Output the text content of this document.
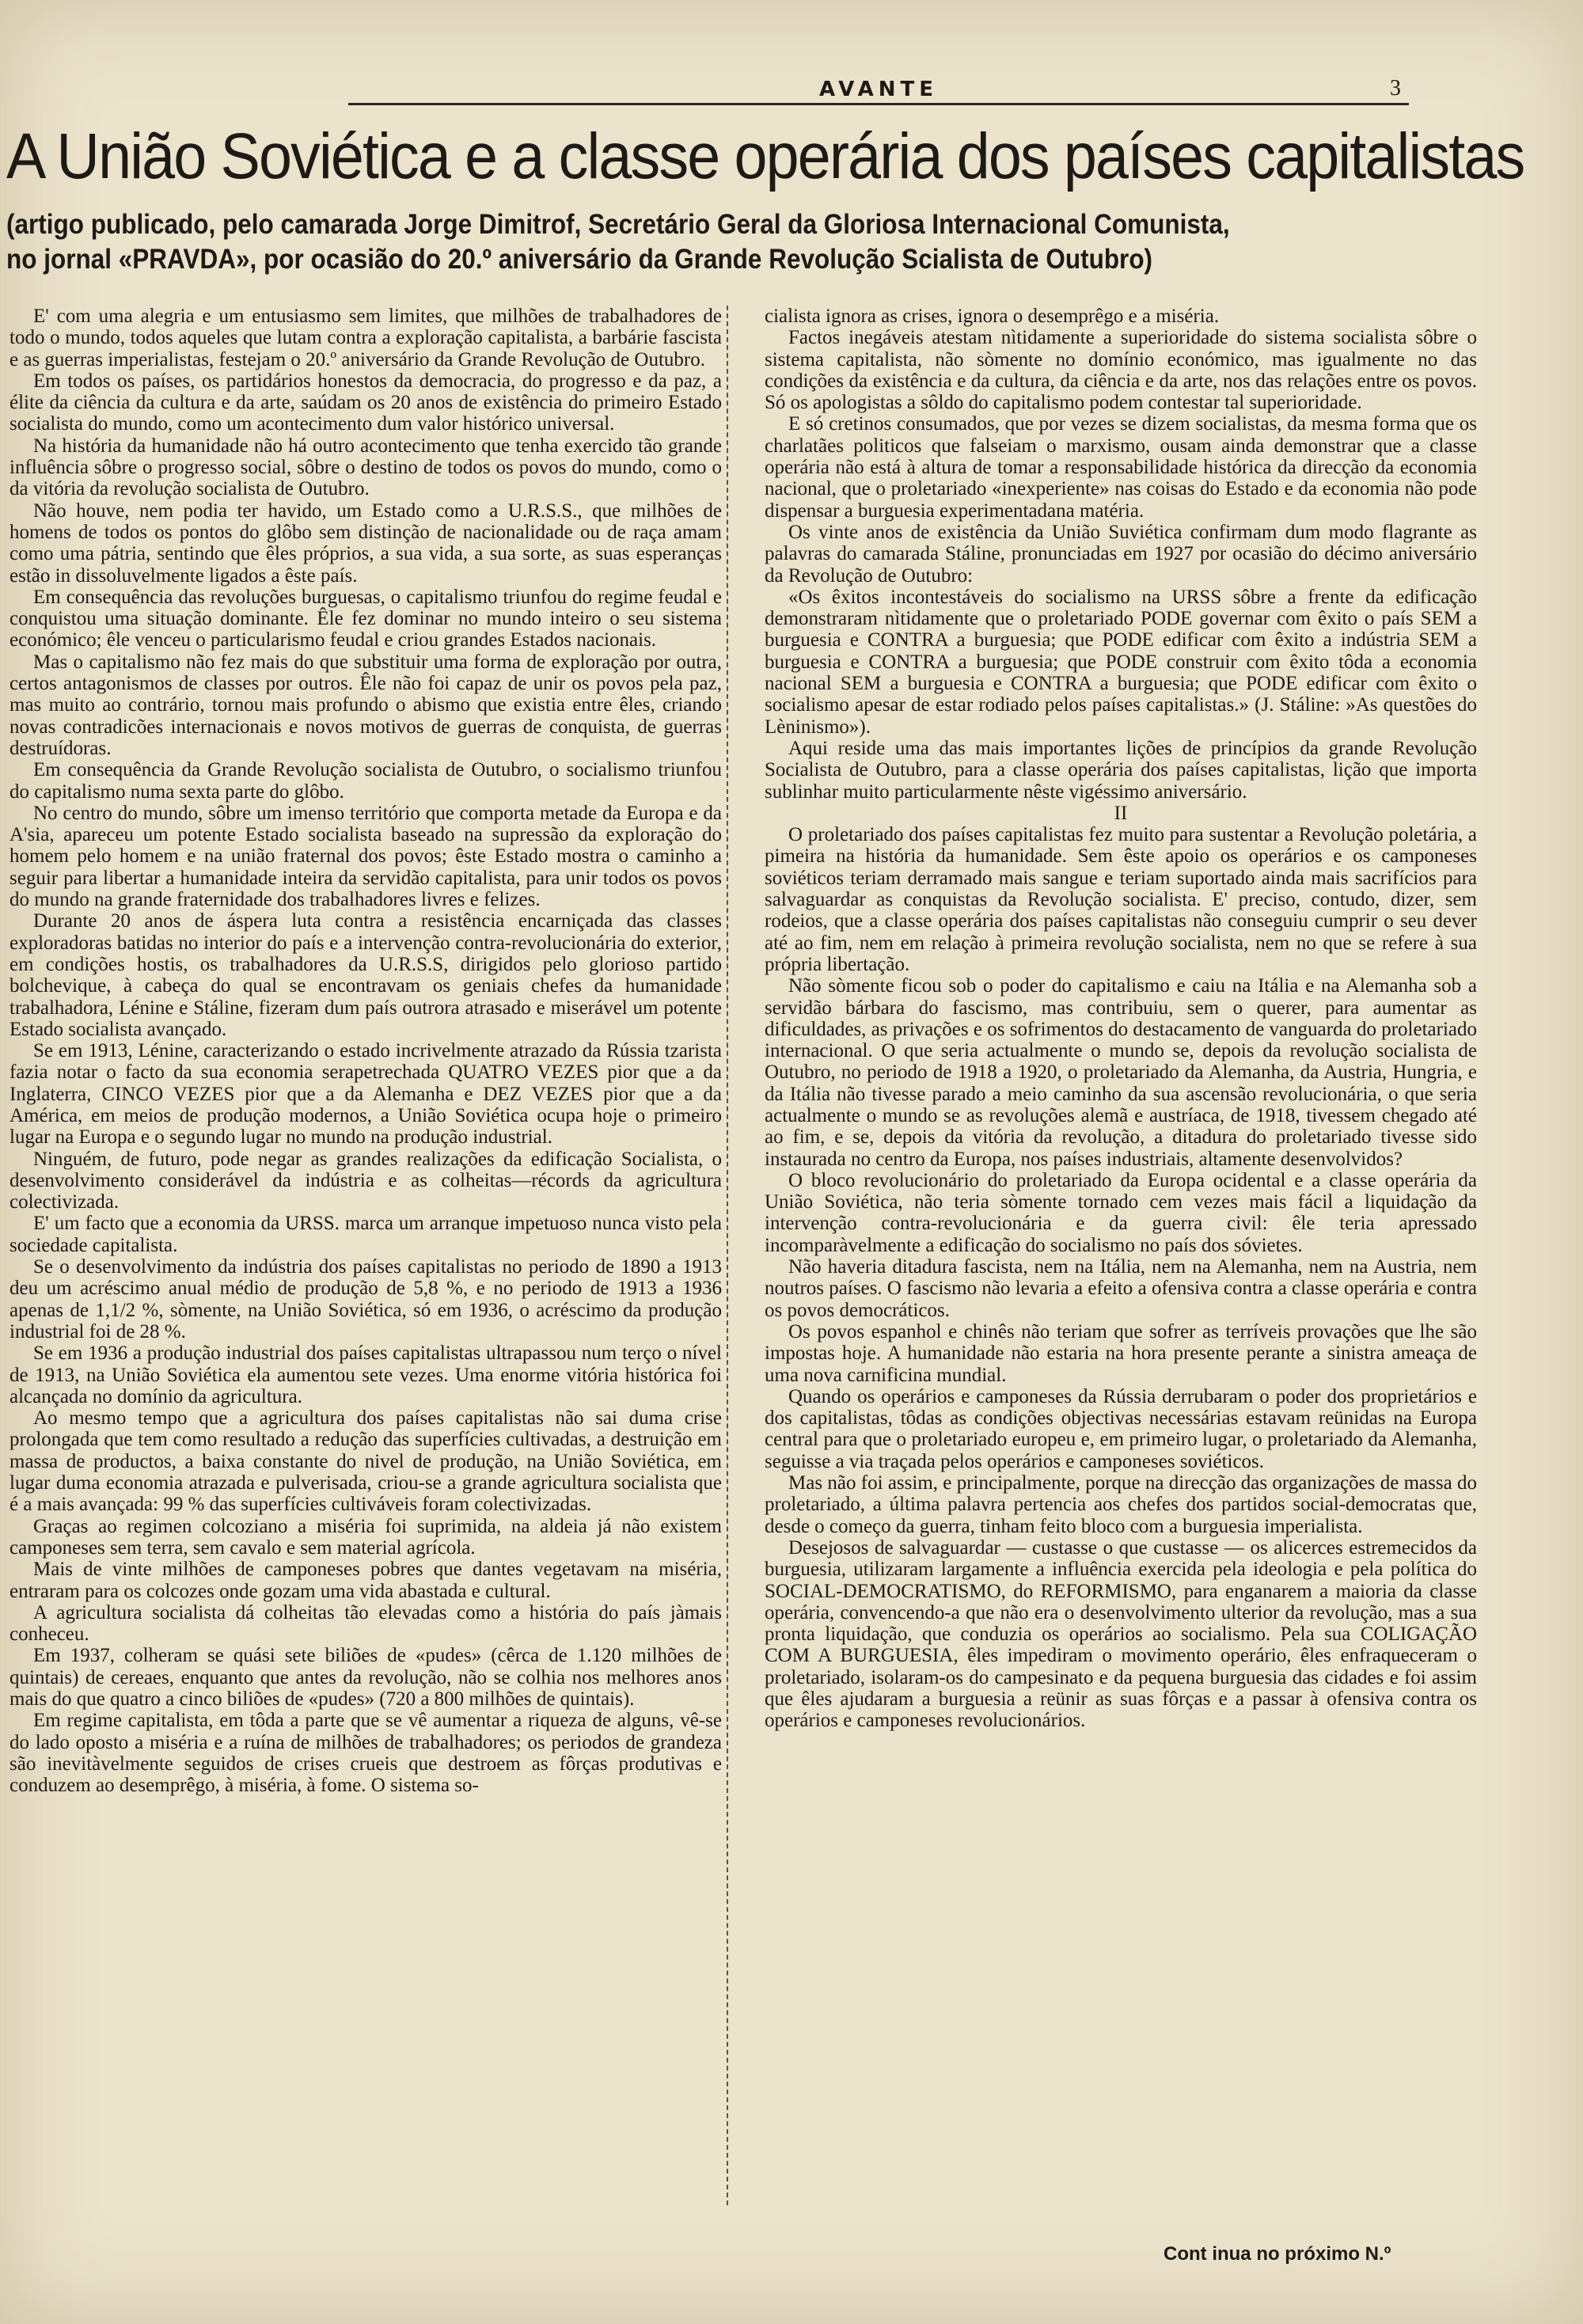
AVANTE	3
A União Soviética e a classe operária dos países capitalistas
(artigo publicado, pelo camarada Jorge Dimitrof, Secretário Geral da Gloriosa Internacional Comunista,
no jornal «PRAVDA», por ocasião do 20.º aniversário da Grande Revolução Scialista de Outubro)

E' com uma alegria e um entusiasmo sem limites, que milhões de trabalhadores de todo o mundo, todos aqueles que lutam contra a exploração capitalista, a barbárie fascista e as guerras imperialistas, festejam o 20.º aniversário da Grande Revolução de Outubro.

Em todos os países, os partidários honestos da democracia, do progresso e da paz, a élite da ciência da cultura e da arte, saúdam os 20 anos de existência do primeiro Estado socialista do mundo, como um acontecimento dum valor histórico universal.

Na história da humanidade não há outro acontecimento que tenha exercido tão grande influência sôbre o progresso social, sôbre o destino de todos os povos do mundo, como o da vitória da revolução socialista de Outubro.

Não houve, nem podia ter havido, um Estado como a U.R.S.S., que milhões de homens de todos os pontos do glôbo sem distinção de nacionalidade ou de raça amam como uma pátria, sentindo que êles próprios, a sua vida, a sua sorte, as suas esperanças estão in dissoluvelmente ligados a êste país.

Em consequência das revoluções burguesas, o capitalismo triunfou do regime feudal e conquistou uma situação dominante. Êle fez dominar no mundo inteiro o seu sistema económico; êle venceu o particularismo feudal e criou grandes Estados nacionais.

Mas o capitalismo não fez mais do que substituir uma forma de exploração por outra, certos antagonismos de classes por outros. Êle não foi capaz de unir os povos pela paz, mas muito ao contrário, tornou mais profundo o abismo que existia entre êles, criando novas contradicões internacionais e novos motivos de guerras de conquista, de guerras destruídoras.

Em consequência da Grande Revolução socialista de Outubro, o socialismo triunfou do capitalismo numa sexta parte do glôbo.

No centro do mundo, sôbre um imenso território que comporta metade da Europa e da A'sia, apareceu um potente Estado socialista baseado na supressão da exploração do homem pelo homem e na união fraternal dos povos; êste Estado mostra o caminho a seguir para libertar a humanidade inteira da servidão capitalista, para unir todos os povos do mundo na grande fraternidade dos trabalhadores livres e felizes.

Durante 20 anos de áspera luta contra a resistência encarniçada das classes exploradoras batidas no interior do país e a intervenção contra-revolucionária do exterior, em condições hostis, os trabalhadores da U.R.S.S, dirigidos pelo glorioso partido bolchevique, à cabeça do qual se encontravam os geniais chefes da humanidade trabalhadora, Lénine e Stáline, fizeram dum país outrora atrasado e miserável um potente Estado socialista avançado.

Se em 1913, Lénine, caracterizando o estado incrivelmente atrazado da Rússia tzarista fazia notar o facto da sua economia serapetrechada QUATRO VEZES pior que a da Inglaterra, CINCO VEZES pior que a da Alemanha e DEZ VEZES pior que a da América, em meios de produção modernos, a União Soviética ocupa hoje o primeiro lugar na Europa e o segundo lugar no mundo na produção industrial.

Ninguém, de futuro, pode negar as grandes realizações da edificação Socialista, o desenvolvimento considerável da indústria e as colheitas—récords da agricultura colectivizada.

E' um facto que a economia da URSS. marca um arranque impetuoso nunca visto pela sociedade capitalista.

Se o desenvolvimento da indústria dos países capitalistas no periodo de 1890 a 1913 deu um acréscimo anual médio de produção de 5,8 %, e no periodo de 1913 a 1936 apenas de 1,1/2 %, sòmente, na União Soviética, só em 1936, o acréscimo da produção industrial foi de 28 %.

Se em 1936 a produção industrial dos países capitalistas ultrapassou num terço o nível de 1913, na União Soviética ela aumentou sete vezes. Uma enorme vitória histórica foi alcançada no domínio da agricultura.

Ao mesmo tempo que a agricultura dos países capitalistas não sai duma crise prolongada que tem como resultado a redução das superfícies cultivadas, a destruição em massa de productos, a baixa constante do nivel de produção, na União Soviética, em lugar duma economia atrazada e pulverisada, criou-se a grande agricultura socialista que é a mais avançada: 99 % das superfícies cultiváveis foram colectivizadas.

Graças ao regimen colcoziano a miséria foi suprimida, na aldeia já não existem camponeses sem terra, sem cavalo e sem material agrícola.

Mais de vinte milhões de camponeses pobres que dantes vegetavam na miséria, entraram para os colcozes onde gozam uma vida abastada e cultural.

A agricultura socialista dá colheitas tão elevadas como a história do país jàmais conheceu.

Em 1937, colheram se quási sete biliões de «pudes» (cêrca de 1.120 milhões de quintais) de cereaes, enquanto que antes da revolução, não se colhia nos melhores anos mais do que quatro a cinco biliões de «pudes» (720 a 800 milhões de quintais).

Em regime capitalista, em tôda a parte que se vê aumentar a riqueza de alguns, vê-se do lado oposto a miséria e a ruína de milhões de trabalhadores; os periodos de grandeza são inevitàvelmente seguidos de crises crueis que destroem as fôrças produtivas e conduzem ao desemprêgo, à miséria, à fome. O sistema so-

cialista ignora as crises, ignora o desemprêgo e a miséria.

Factos inegáveis atestam nìtidamente a superioridade do sistema socialista sôbre o sistema capitalista, não sòmente no domínio económico, mas igualmente no das condições da existência e da cultura, da ciência e da arte, nos das relações entre os povos. Só os apologistas a sôldo do capitalismo podem contestar tal superioridade.

E só cretinos consumados, que por vezes se dizem socialistas, da mesma forma que os charlatães politicos que falseiam o marxismo, ousam ainda demonstrar que a classe operária não está à altura de tomar a responsabilidade histórica da direcção da economia nacional, que o proletariado «inexperiente» nas coisas do Estado e da economia não pode dispensar a burguesia experimentadana matéria.

Os vinte anos de existência da União Suviética confirmam dum modo flagrante as palavras do camarada Stáline, pronunciadas em 1927 por ocasião do décimo aniversário da Revolução de Outubro:

«Os êxitos incontestáveis do socialismo na URSS sôbre a frente da edificação demonstraram nìtidamente que o proletariado PODE governar com êxito o país SEM a burguesia e CONTRA a burguesia; que PODE edificar com êxito a indústria SEM a burguesia e CONTRA a burguesia; que PODE construir com êxito tôda a economia nacional SEM a burguesia e CONTRA a burguesia; que PODE edificar com êxito o socialismo apesar de estar rodiado pelos países capitalistas.» (J. Stáline: »As questões do Lèninismo»).

Aqui reside uma das mais importantes lições de princípios da grande Revolução Socialista de Outubro, para a classe operária dos países capitalistas, lição que importa sublinhar muito particularmente nêste vigéssimo aniversário.

II

O proletariado dos países capitalistas fez muito para sustentar a Revolução poletária, a pimeira na história da humanidade. Sem êste apoio os operários e os camponeses soviéticos teriam derramado mais sangue e teriam suportado ainda mais sacrifícios para salvaguardar as conquistas da Revolução socialista. E' preciso, contudo, dizer, sem rodeios, que a classe operária dos países capitalistas não conseguiu cumprir o seu dever até ao fim, nem em relação à primeira revolução socialista, nem no que se refere à sua própria libertação.

Não sòmente ficou sob o poder do capitalismo e caiu na Itália e na Alemanha sob a servidão bárbara do fascismo, mas contribuiu, sem o querer, para aumentar as dificuldades, as privações e os sofrimentos do destacamento de vanguarda do proletariado internacional. O que seria actualmente o mundo se, depois da revolução socialista de Outubro, no periodo de 1918 a 1920, o proletariado da Alemanha, da Austria, Hungria, e da Itália não tivesse parado a meio caminho da sua ascensão revolucionária, o que seria actualmente o mundo se as revoluções alemã e austríaca, de 1918, tivessem chegado até ao fim, e se, depois da vitória da revolução, a ditadura do proletariado tivesse sido instaurada no centro da Europa, nos países industriais, altamente desenvolvidos?

O bloco revolucionário do proletariado da Europa ocidental e a classe operária da União Soviética, não teria sòmente tornado cem vezes mais fácil a liquidação da intervenção contra-revolucionária e da guerra civil: êle teria apressado incomparàvelmente a edificação do socialismo no país dos sóvietes.

Não haveria ditadura fascista, nem na Itália, nem na Alemanha, nem na Austria, nem noutros países. O fascismo não levaria a efeito a ofensiva contra a classe operária e contra os povos democráticos.

Os povos espanhol e chinês não teriam que sofrer as terríveis provações que lhe são impostas hoje. A humanidade não estaria na hora presente perante a sinistra ameaça de uma nova carnificina mundial.

Quando os operários e camponeses da Rússia derrubaram o poder dos proprietários e dos capitalistas, tôdas as condições objectivas necessárias estavam reünidas na Europa central para que o proletariado europeu e, em primeiro lugar, o proletariado da Alemanha, seguisse a via traçada pelos operários e camponeses soviéticos.

Mas não foi assim, e principalmente, porque na direcção das organizações de massa do proletariado, a última palavra pertencia aos chefes dos partidos social-democratas que, desde o começo da guerra, tinham feito bloco com a burguesia imperialista.

Desejosos de salvaguardar — custasse o que custasse — os alicerces estremecidos da burguesia, utilizaram largamente a influência exercida pela ideologia e pela política do SOCIAL-DEMOCRATISMO, do REFORMISMO, para enganarem a maioria da classe operária, convencendo-a que não era o desenvolvimento ulterior da revolução, mas a sua pronta liquidação, que conduzia os operários ao socialismo. Pela sua COLIGAÇÃO COM A BURGUESIA, êles impediram o movimento operário, êles enfraqueceram o proletariado, isolaram-os do campesinato e da pequena burguesia das cidades e foi assim que êles ajudaram a burguesia a reünir as suas fôrças e a passar à ofensiva contra os operários e camponeses revolucionários.

Cont inua no próximo N.º
